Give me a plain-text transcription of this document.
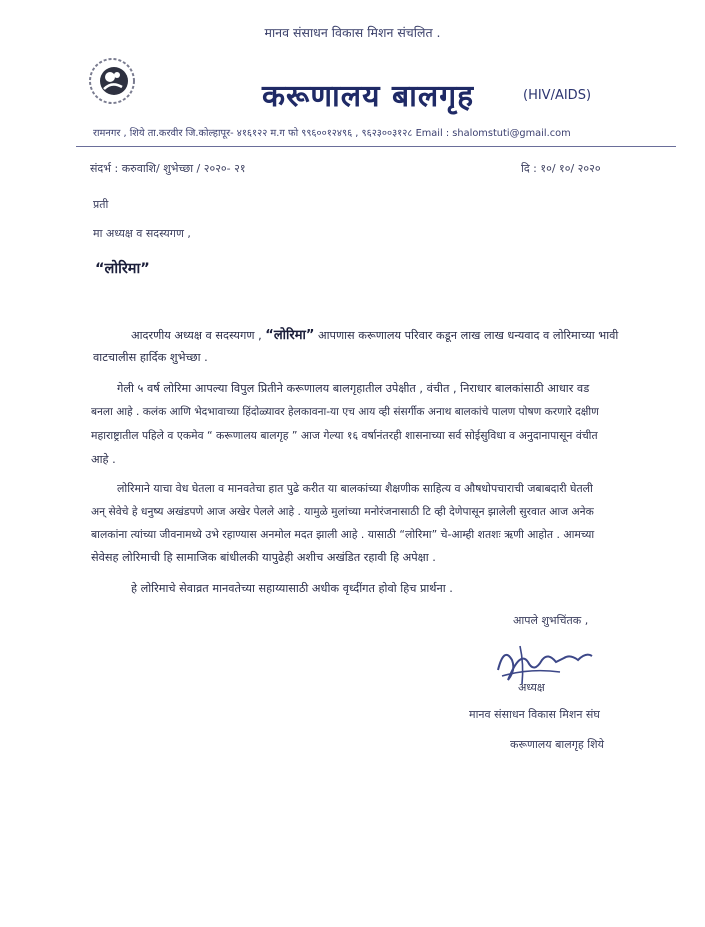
मानव संसाधन विकास मिशन संचलित .
करूणालय बालगृह	(HIV/AIDS)
रामनगर , शिये ता.करवीर जि.कोल्हापूर- ४१६१२२ म.ग फो ९९६००१२४९६ , ९६२३००३१२८ Email : shalomstuti@gmail.com
संदर्भ : करुवाशि/ शुभेच्छा / २०२०- २१	दि : १०/ १०/ २०२०
प्रती
मा अध्यक्ष व सदस्यगण ,
“लोरिमा”
आदरणीय अध्यक्ष व सदस्यगण , “लोरिमा” आपणास करूणालय परिवार कडून लाख लाख धन्यवाद व लोरिमाच्या भावी
वाटचालीस हार्दिक शुभेच्छा .
गेली ५ वर्ष लोरिमा आपल्या विपुल प्रितीने करूणालय बालगृहातील उपेक्षीत , वंचीत , निराधार बालकांसाठी आधार वड
बनला आहे . कलंक आणि भेदभावाच्या हिंदोळ्यावर हेलकावना-या एच आय व्ही संसर्गीक अनाथ बालकांचे पालण पोषण करणारे दक्षीण
महाराष्ट्रातील पहिले व एकमेव “ करूणालय बालगृह ” आज गेल्या १६ वर्षानंतरही शासनाच्या सर्व सोईसुविधा व अनुदानापासून वंचीत
आहे .
लोरिमाने याचा वेध घेतला व मानवतेचा हात पुढे करीत या बालकांच्या शैक्षणीक साहित्य व औषधोपचाराची जबाबदारी घेतली
अन् सेवेचे हे धनुष्य अखंडपणे आज अखेर पेलले आहे . यामुळे मुलांच्या मनोरंजनासाठी टि व्ही देणेपासून झालेली सुरवात आज अनेक
बालकांना त्यांच्या जीवनामध्ये उभे रहाण्यास अनमोल मदत झाली आहे . यासाठी “लोरिमा” चे-आम्ही शतशः ऋणी आहोत . आमच्या
सेवेसह लोरिमाची हि सामाजिक बांधीलकी यापुढेही अशीच अखंडित रहावी हि अपेक्षा .
हे लोरिमाचे सेवाव्रत मानवतेच्या सहाय्यासाठी अधीक वृध्दींगत होवो हिच प्रार्थना .
आपले शुभचिंतक ,
अध्यक्ष
मानव संसाधन विकास मिशन संघ
करूणालय बालगृह शिये
